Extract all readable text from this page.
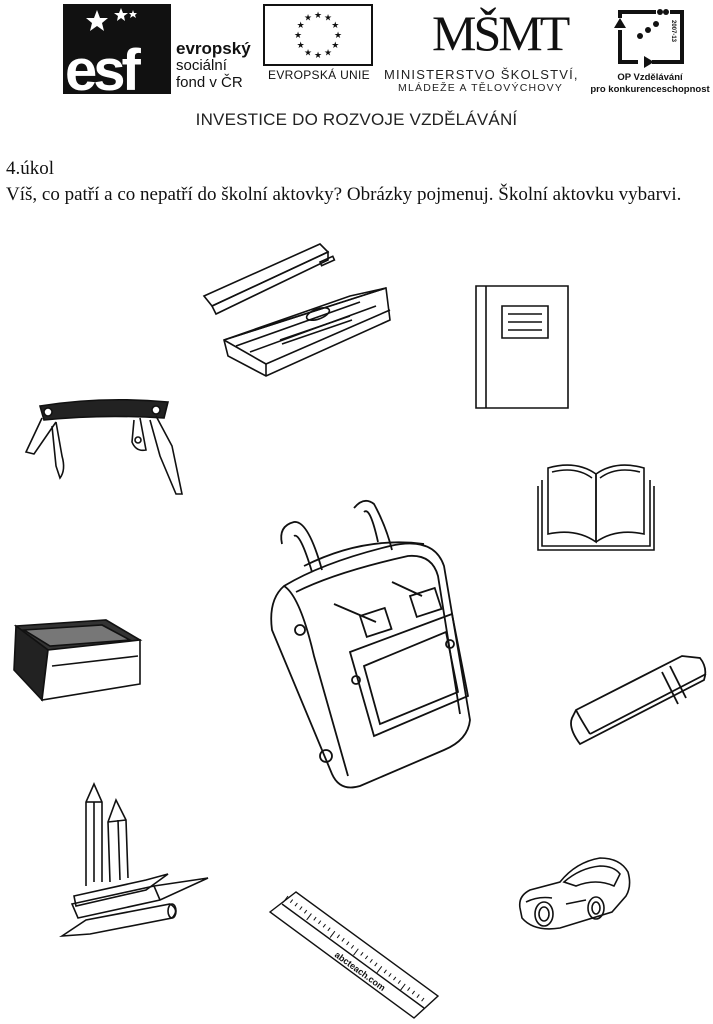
esf evropský
sociální
fond v ČR
★ ★
★
★
★
★
★
★
★
★
★
★
EVROPSKÁ UNIE
MŠMT
MINISTERSTVO ŠKOLSTVÍ,
MLÁDEŽE A TĚLOVÝCHOVY
2007-13
OP Vzdělávání
pro konkurenceschopnost
INVESTICE DO ROZVOJE VZDĚLÁVÁNÍ
4.úkol
Víš, co patří a co nepatří do školní aktovky? Obrázky pojmenuj. Školní aktovku vybarvi.
abcteach.com
